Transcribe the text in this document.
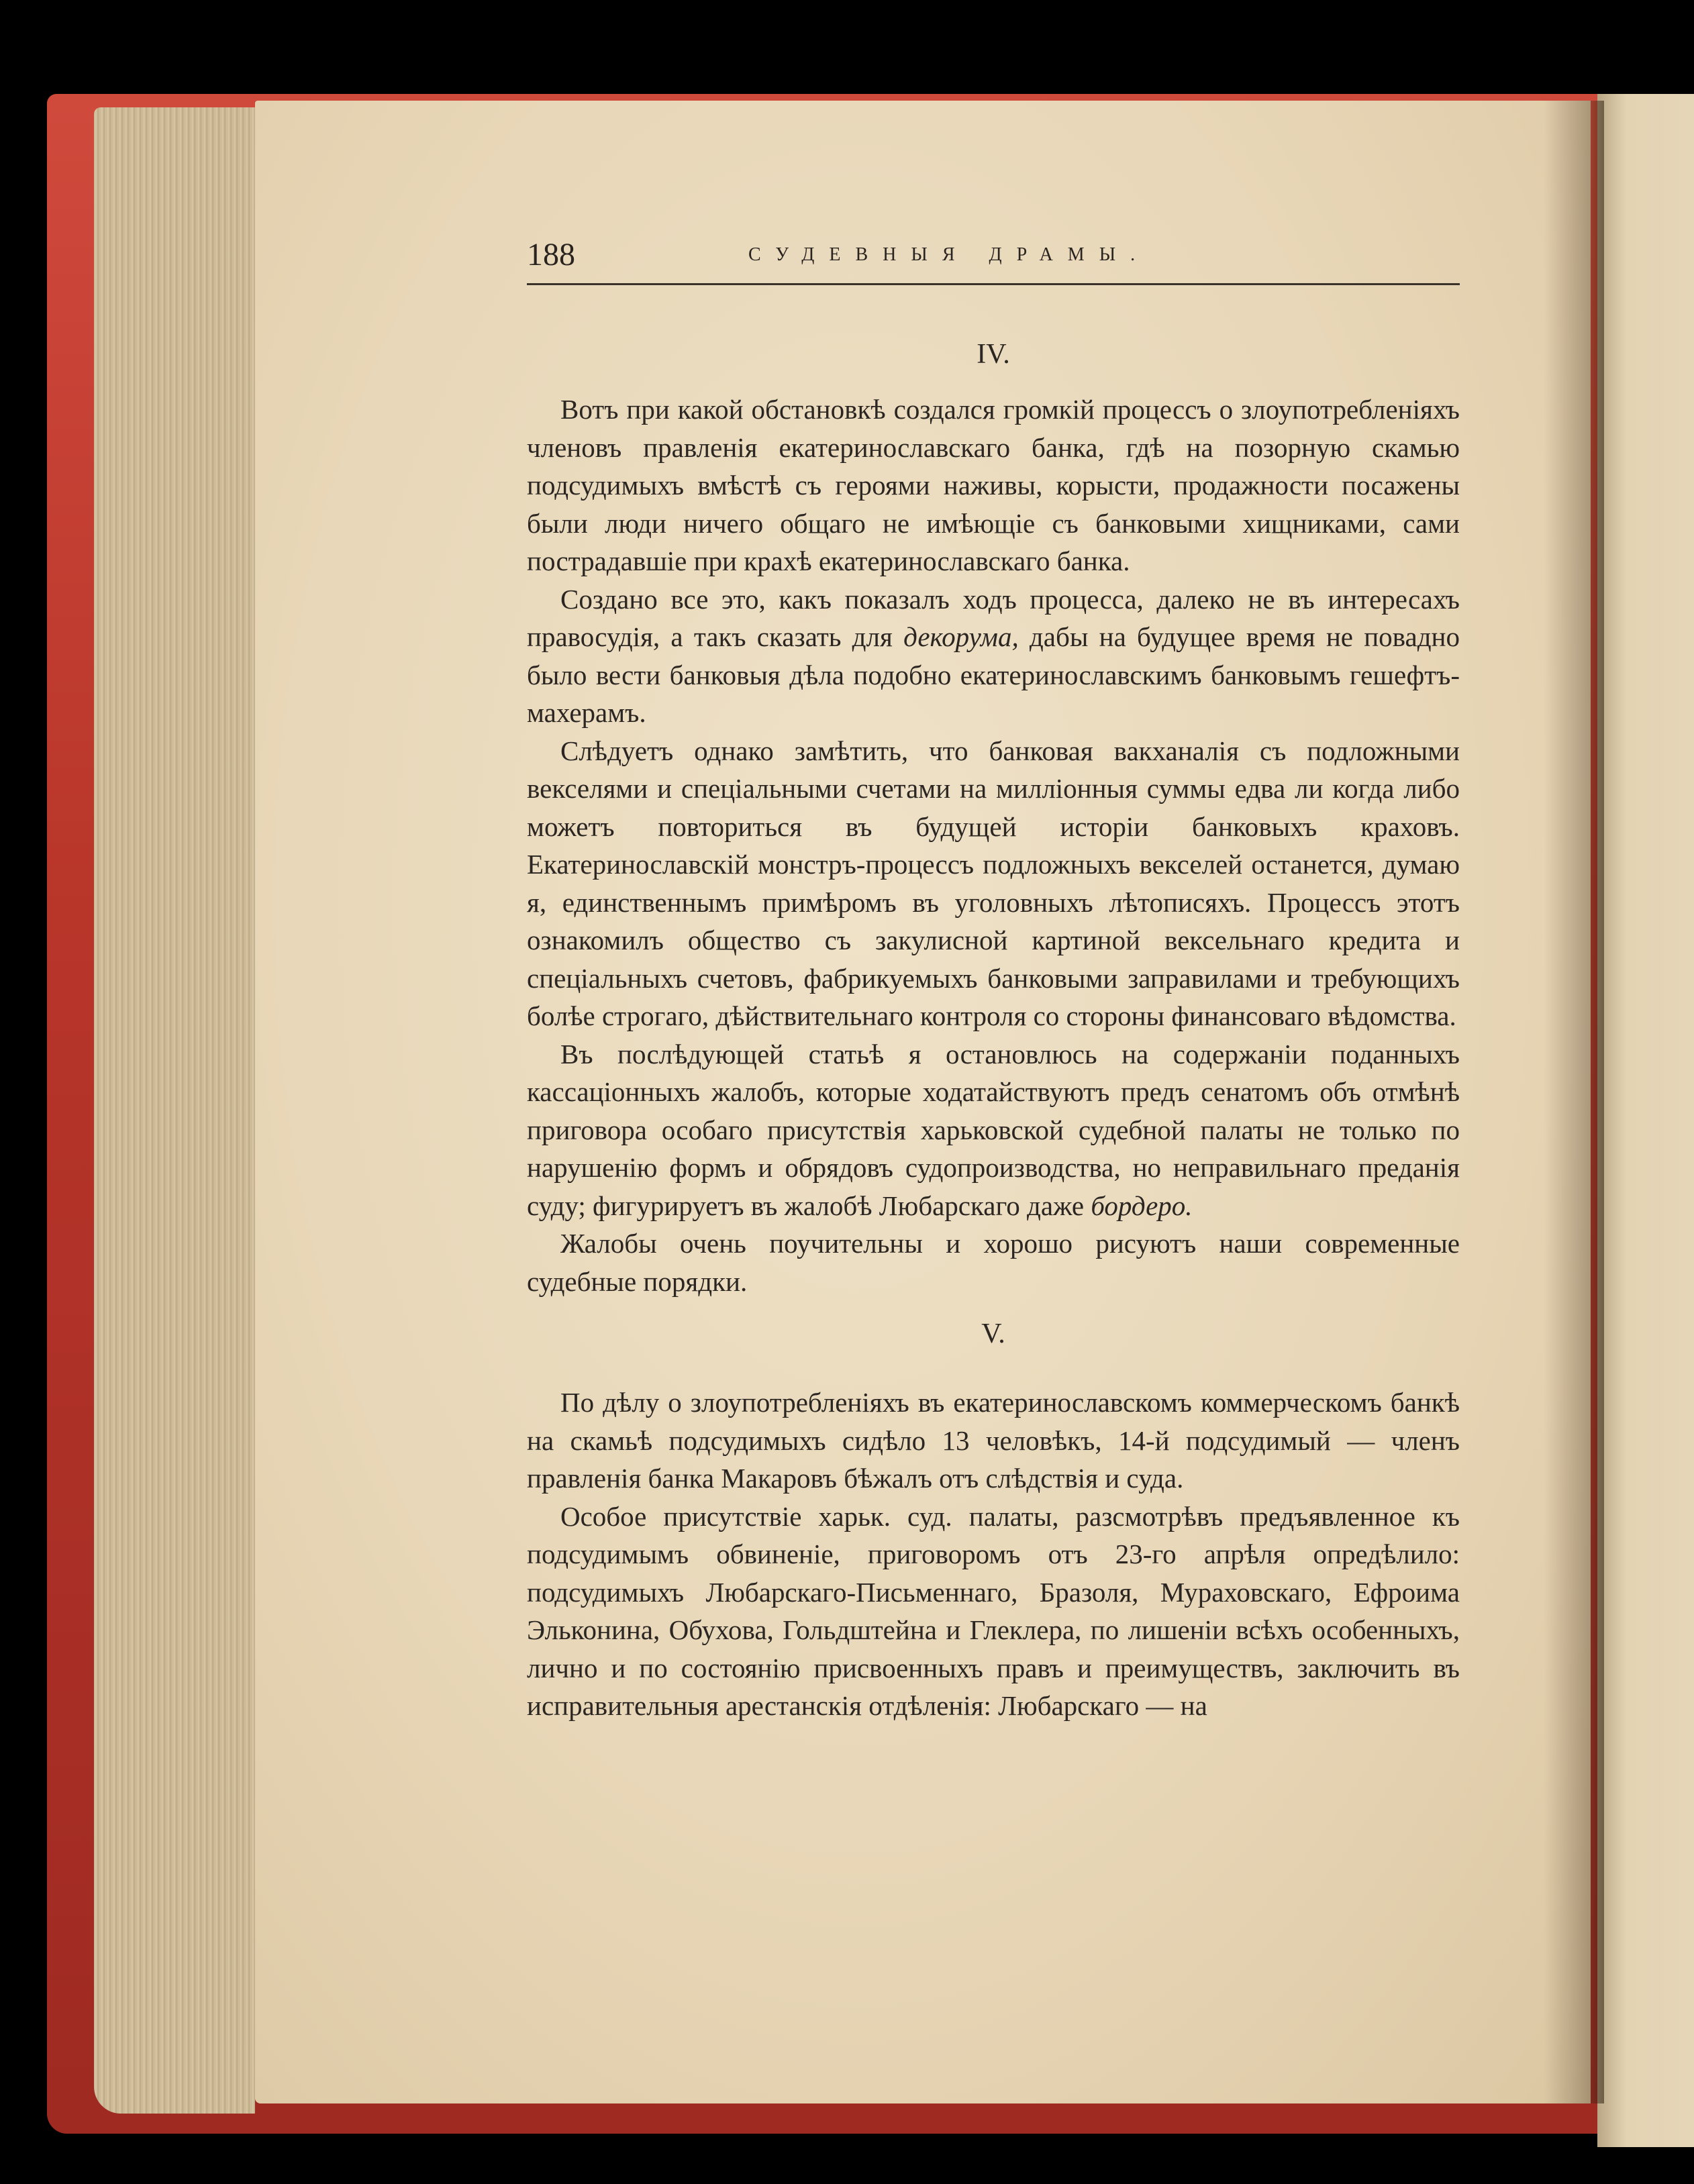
188	СУДЕВНЫЯ ДРАМЫ.
IV.

Вотъ при какой обстановкѣ создался громкій процессъ о злоупотребленіяхъ членовъ правленія екатеринославскаго банка, гдѣ на позорную скамью подсудимыхъ вмѣстѣ съ героями наживы, корысти, продажности посажены были люди ничего общаго не имѣющіе съ банковыми хищниками, сами пострадавшіе при крахѣ екатеринославскаго банка.

Создано все это, какъ показалъ ходъ процесса, далеко не въ интересахъ правосудія, а такъ сказать для декорума, дабы на будущее время не повадно было вести банковыя дѣла подобно екатеринославскимъ банковымъ гешефтъ-махерамъ.

Слѣдуетъ однако замѣтить, что банковая вакханалія съ подложными векселями и спеціальными счетами на милліонныя суммы едва ли когда либо можетъ повториться въ будущей исторіи банковыхъ краховъ. Екатеринославскій монстръ-процессъ подложныхъ векселей останется, думаю я, единственнымъ примѣромъ въ уголовныхъ лѣтописяхъ. Процессъ этотъ ознакомилъ общество съ закулисной картиной вексельнаго кредита и спеціальныхъ счетовъ, фабрикуемыхъ банковыми заправилами и требующихъ болѣе строгаго, дѣйствительнаго контроля со стороны финансоваго вѣдомства.

Въ послѣдующей статьѣ я остановлюсь на содержаніи поданныхъ кассаціонныхъ жалобъ, которые ходатайствуютъ предъ сенатомъ объ отмѣнѣ приговора особаго присутствія харьковской судебной палаты не только по нарушенію формъ и обрядовъ судопроизводства, но неправильнаго преданія суду; фигурируетъ въ жалобѣ Любарскаго даже бордеро.

Жалобы очень поучительны и хорошо рисуютъ наши современные судебные порядки.

V.

По дѣлу о злоупотребленіяхъ въ екатеринославскомъ коммерческомъ банкѣ на скамьѣ подсудимыхъ сидѣло 13 человѣкъ, 14-й подсудимый — членъ правленія банка Макаровъ бѣжалъ отъ слѣдствія и суда.

Особое присутствіе харьк. суд. палаты, разсмотрѣвъ предъявленное къ подсудимымъ обвиненіе, приговоромъ отъ 23-го апрѣля опредѣлило: подсудимыхъ Любарскаго-Письменнаго, Бразоля, Мураховскаго, Ефроима Эльконина, Обухова, Гольдштейна и Глеклера, по лишеніи всѣхъ особенныхъ, лично и по состоянію присвоенныхъ правъ и преимуществъ, заключить въ исправительныя арестанскія отдѣленія: Любарскаго — на
